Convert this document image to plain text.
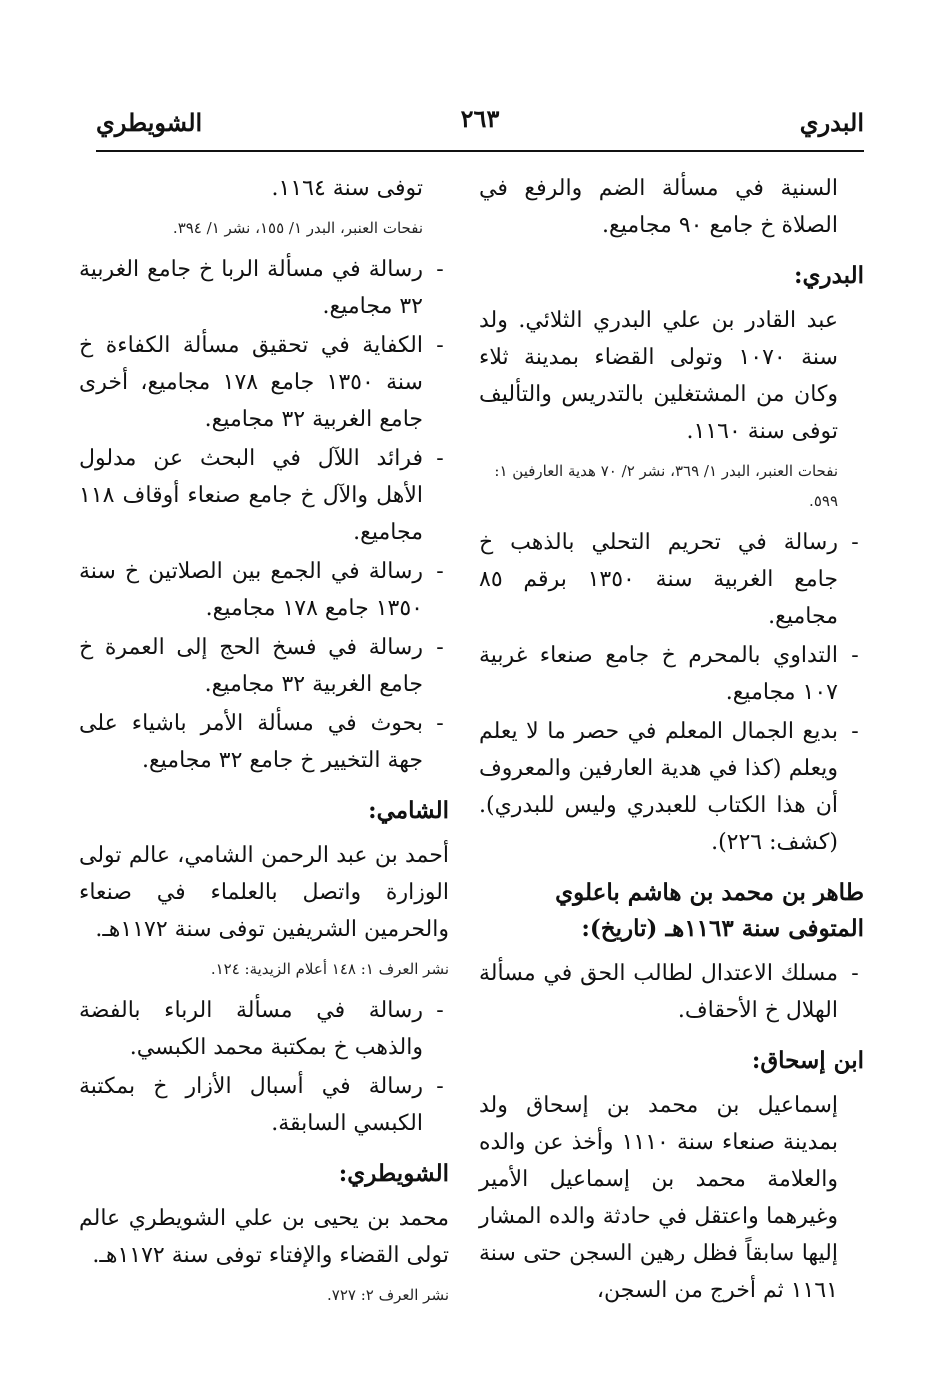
البدري
٢٦٣
الشويطري

السنية في مسألة الضم والرفع في الصلاة خ جامع ٩٠ مجاميع.

البدري:

عبد القادر بن علي البدري الثلائي. ولد سنة ١٠٧٠ وتولى القضاء بمدينة ثلاء وكان من المشتغلين بالتدريس والتأليف توفى سنة ١١٦٠.

نفحات العنبر، البدر ١/ ٣٦٩، نشر ٢/ ٧٠ هدية العارفين ١: ٥٩٩.
-
رسالة في تحريم التحلي بالذهب خ جامع الغربية سنة ١٣٥٠ برقم ٨٥ مجاميع.
-
التداوي بالمحرم خ جامع صنعاء غربية ١٠٧ مجاميع.
-
بديع الجمال المعلم في حصر ما لا يعلم ويعلم (كذا في هدية العارفين والمعروف أن هذا الكتاب للعبدري وليس للبدري). (كشف: ٢٢٦).
طاهر بن محمد بن هاشم باعلوي المتوفى سنة ١١٦٣هـ (تاريخ):
-
مسلك الاعتدال لطالب الحق في مسألة الهلال خ الأحقاف.
ابن إسحاق:

إسماعيل بن محمد بن إسحاق ولد بمدينة صنعاء سنة ١١١٠ وأخذ عن والده والعلامة محمد بن إسماعيل الأمير وغيرهما واعتقل في حادثة والده المشار إليها سابقاً فظل رهين السجن حتى سنة ١١٦١ ثم أخرج من السجن،

توفى سنة ١١٦٤.

نفحات العنبر، البدر ١/ ١٥٥، نشر ١/ ٣٩٤.
-
رسالة في مسألة الربا خ جامع الغربية ٣٢ مجاميع.
-
الكفاية في تحقيق مسألة الكفاءة خ سنة ١٣٥٠ جامع ١٧٨ مجاميع، أخرى جامع الغربية ٣٢ مجاميع.
-
فرائد اللآل في البحث عن مدلول الأهل والآل خ جامع صنعاء أوقاف ١١٨ مجاميع.
-
رسالة في الجمع بين الصلاتين خ سنة ١٣٥٠ جامع ١٧٨ مجاميع.
-
رسالة في فسخ الحج إلى العمرة خ جامع الغربية ٣٢ مجاميع.
-
بحوث في مسألة الأمر باشياء على جهة التخيير خ جامع ٣٢ مجاميع.
الشامي:

أحمد بن عبد الرحمن الشامي، عالم تولى الوزارة واتصل بالعلماء في صنعاء والحرمين الشريفين توفى سنة ١١٧٢هـ.

نشر العرف ١: ١٤٨ أعلام الزيدية: ١٢٤.
-
رسالة في مسألة الرباء بالفضة والذهب خ بمكتبة محمد الكبسي.
-
رسالة في أسبال الأزار خ بمكتبة الكبسي السابقة.
الشويطري:

محمد بن يحيى بن علي الشويطري عالم تولى القضاء والإفتاء توفى سنة ١١٧٢هـ.

نشر العرف ٢: ٧٢٧.
